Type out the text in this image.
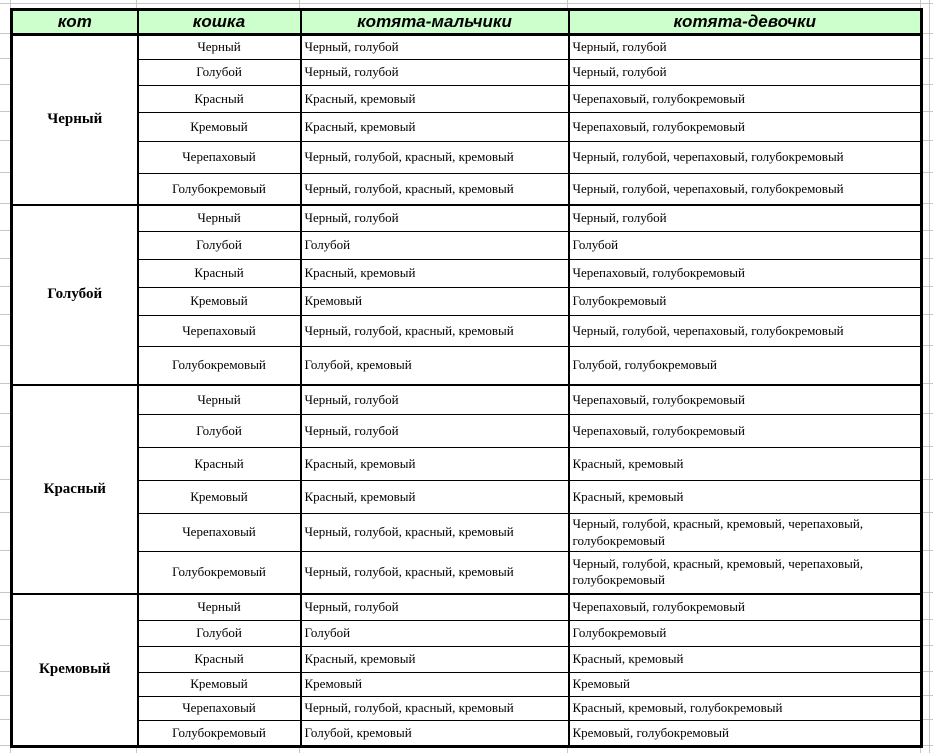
кот	кошка	котята-мальчики	котята-девочки
Черный	Черный	Черный, голубой	Черный, голубой
	Голубой	Черный, голубой	Черный, голубой
	Красный	Красный, кремовый	Черепаховый, голубокремовый
	Кремовый	Красный, кремовый	Черепаховый, голубокремовый
	Черепаховый	Черный, голубой, красный, кремовый	Черный, голубой, черепаховый, голубокремовый
	Голубокремовый	Черный, голубой, красный, кремовый	Черный, голубой, черепаховый, голубокремовый
Голубой	Черный	Черный, голубой	Черный, голубой
	Голубой	Голубой	Голубой
	Красный	Красный, кремовый	Черепаховый, голубокремовый
	Кремовый	Кремовый	Голубокремовый
	Черепаховый	Черный, голубой, красный, кремовый	Черный, голубой, черепаховый, голубокремовый
	Голубокремовый	Голубой, кремовый	Голубой, голубокремовый
Красный	Черный	Черный, голубой	Черепаховый, голубокремовый
	Голубой	Черный, голубой	Черепаховый, голубокремовый
	Красный	Красный, кремовый	Красный, кремовый
	Кремовый	Красный, кремовый	Красный, кремовый
	Черепаховый	Черный, голубой, красный, кремовый	Черный, голубой, красный, кремовый, черепаховый, голубокремовый
	Голубокремовый	Черный, голубой, красный, кремовый	Черный, голубой, красный, кремовый, черепаховый, голубокремовый
Кремовый	Черный	Черный, голубой	Черепаховый, голубокремовый
	Голубой	Голубой	Голубокремовый
	Красный	Красный, кремовый	Красный, кремовый
	Кремовый	Кремовый	Кремовый
	Черепаховый	Черный, голубой, красный, кремовый	Красный, кремовый, голубокремовый
	Голубокремовый	Голубой, кремовый	Кремовый, голубокремовый
